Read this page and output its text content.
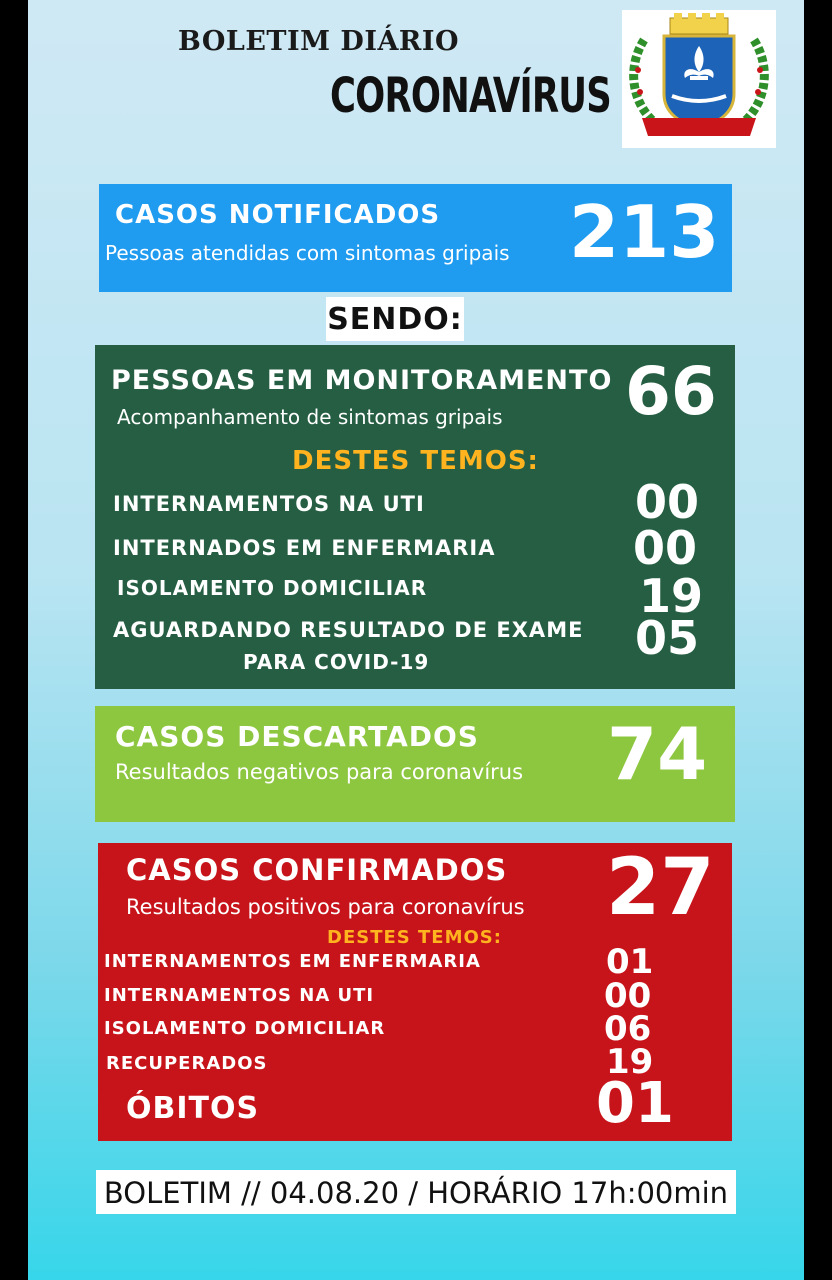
BOLETIM DIÁRIO
CORONAVÍRUS
CASOS NOTIFICADOS
Pessoas atendidas com sintomas gripais 213
SENDO:
PESSOAS EM MONITORAMENTO
Acompanhamento de sintomas gripais 66
DESTES TEMOS:
INTERNAMENTOS NA UTI	00
INTERNADOS EM ENFERMARIA	00
ISOLAMENTO DOMICILIAR	19
AGUARDANDO RESULTADO DE EXAME
PARA COVID-19	05
CASOS DESCARTADOS
Resultados negativos para coronavírus 74
CASOS CONFIRMADOS
Resultados positivos para coronavírus 27
DESTES TEMOS:
INTERNAMENTOS EM ENFERMARIA	01
INTERNAMENTOS NA UTI	00
ISOLAMENTO DOMICILIAR	06
RECUPERADOS	19
ÓBITOS	01
BOLETIM // 04.08.20 / HORÁRIO 17h:00min
